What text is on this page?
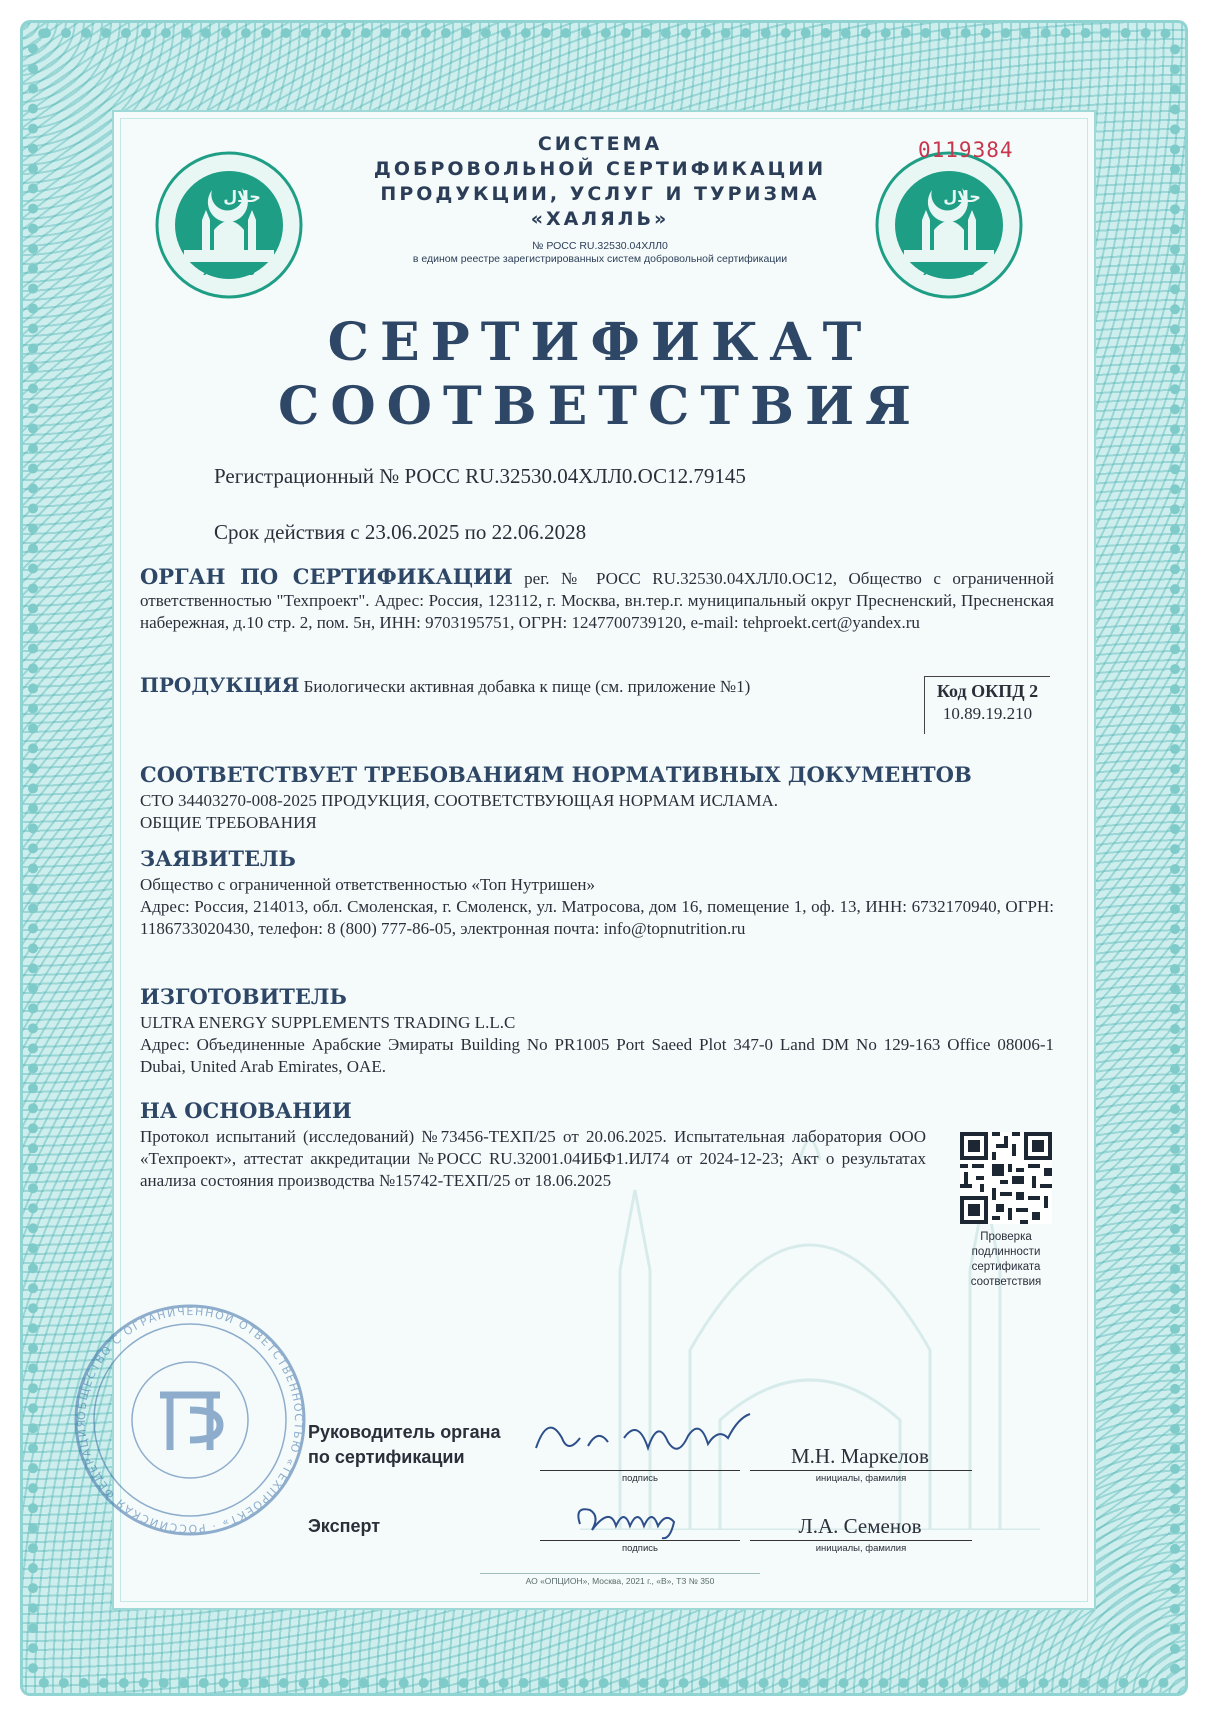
حلال
ХАЛЯЛЬ
حلال
ХАЛЯЛЬ
СИСТЕМА
ДОБРОВОЛЬНОЙ СЕРТИФИКАЦИИ
ПРОДУКЦИИ, УСЛУГ И ТУРИЗМА
«ХАЛЯЛЬ»
№ РОСС RU.32530.04ХЛЛ0
в едином реестре зарегистрированных систем добровольной сертификации
0119384
СЕРТИФИКАТ
СООТВЕТСТВИЯ
Регистрационный № РОСС RU.32530.04ХЛЛ0.ОС12.79145
Срок действия с 23.06.2025 по 22.06.2028
ОРГАН ПО СЕРТИФИКАЦИИ рег. № РОСС RU.32530.04ХЛЛ0.ОС12, Общество с ограниченной ответственностью "Техпроект". Адрес: Россия, 123112, г. Москва, вн.тер.г. муниципальный округ Пресненский, Пресненская набережная, д.10 стр. 2, пом. 5н, ИНН: 9703195751, ОГРН: 1247700739120, e-mail: tehproekt.cert@yandex.ru
ПРОДУКЦИЯ Биологически активная добавка к пище (см. приложение №1)	Код ОКПД 2
10.89.19.210
СООТВЕТСТВУЕТ ТРЕБОВАНИЯМ НОРМАТИВНЫХ ДОКУМЕНТОВ
СТО 34403270-008-2025 ПРОДУКЦИЯ, СООТВЕТСТВУЮЩАЯ НОРМАМ ИСЛАМА.
ОБЩИЕ ТРЕБОВАНИЯ
ЗАЯВИТЕЛЬ
Общество с ограниченной ответственностью «Топ Нутришен»
Адрес: Россия, 214013, обл. Смоленская, г. Смоленск, ул. Матросова, дом 16, помещение 1, оф. 13, ИНН: 6732170940, ОГРН: 1186733020430, телефон: 8 (800) 777-86-05, электронная почта: info@topnutrition.ru
ИЗГОТОВИТЕЛЬ
ULTRA ENERGY SUPPLEMENTS TRADING L.L.C
Адрес: Объединенные Арабские Эмираты Building No PR1005 Port Saeed Plot 347-0 Land DM No 129-163 Office 08006-1 Dubai, United Arab Emirates, OAE.
НА ОСНОВАНИИ
Протокол испытаний (исследований) №73456-ТЕХП/25 от 20.06.2025. Испытательная лаборатория ООО «Техпроект», аттестат аккредитации №РОСС RU.32001.04ИБФ1.ИЛ74 от 2024-12-23; Акт о результатах анализа состояния производства №15742-ТЕХП/25 от 18.06.2025
Проверка
подлинности
сертификата
соответствия
ОБЩЕСТВО С ОГРАНИЧЕННОЙ ОТВЕТСТВЕННОСТЬЮ «ТЕХПРОЕКТ» · РОССИЙСКАЯ ФЕДЕРАЦИЯ	Руководитель органа
по сертификации
подпись
М.Н. Маркелов
инициалы, фамилия
Эксперт
подпись
Л.А. Семенов
инициалы, фамилия
АО «ОПЦИОН», Москва, 2021 г., «В», ТЗ № 350
